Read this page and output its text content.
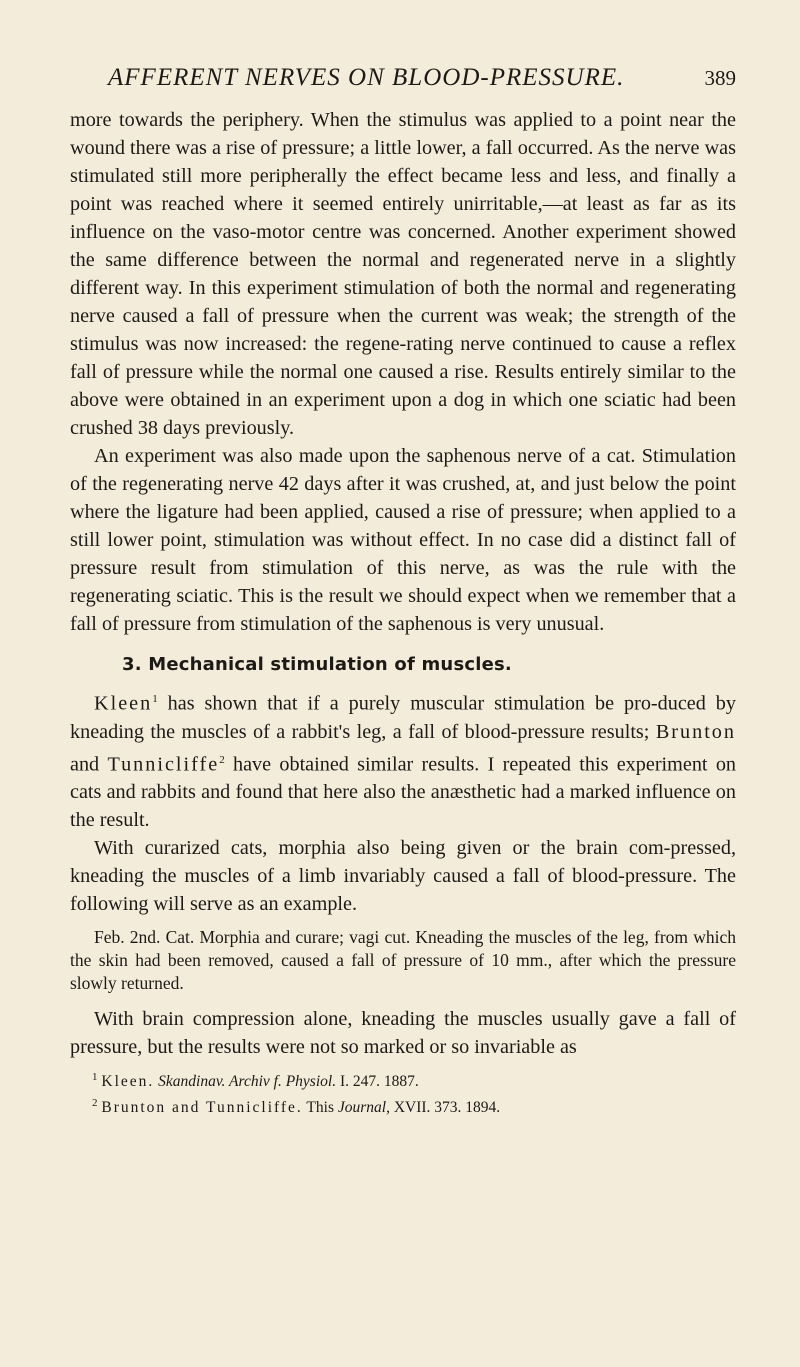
AFFERENT NERVES ON BLOOD-PRESSURE.	389

more towards the periphery. When the stimulus was applied to a point near the wound there was a rise of pressure; a little lower, a fall occurred. As the nerve was stimulated still more peripherally the effect became less and less, and finally a point was reached where it seemed entirely unirritable,—at least as far as its influence on the vaso-motor centre was concerned. Another experiment showed the same difference between the normal and regenerated nerve in a slightly different way. In this experiment stimulation of both the normal and regenerating nerve caused a fall of pressure when the current was weak; the strength of the stimulus was now increased: the regene-rating nerve continued to cause a reflex fall of pressure while the normal one caused a rise. Results entirely similar to the above were obtained in an experiment upon a dog in which one sciatic had been crushed 38 days previously.

An experiment was also made upon the saphenous nerve of a cat. Stimulation of the regenerating nerve 42 days after it was crushed, at, and just below the point where the ligature had been applied, caused a rise of pressure; when applied to a still lower point, stimulation was without effect. In no case did a distinct fall of pressure result from stimulation of this nerve, as was the rule with the regenerating sciatic. This is the result we should expect when we remember that a fall of pressure from stimulation of the saphenous is very unusual.

3. Mechanical stimulation of muscles.

Kleen$^1$ has shown that if a purely muscular stimulation be pro-duced by kneading the muscles of a rabbit's leg, a fall of blood-pressure results; Brunton and Tunnicliffe$^2$ have obtained similar results. I repeated this experiment on cats and rabbits and found that here also the anæsthetic had a marked influence on the result.

With curarized cats, morphia also being given or the brain com-pressed, kneading the muscles of a limb invariably caused a fall of blood-pressure. The following will serve as an example.

Feb. 2nd. Cat. Morphia and curare; vagi cut. Kneading the muscles of the leg, from which the skin had been removed, caused a fall of pressure of 10 mm., after which the pressure slowly returned.

With brain compression alone, kneading the muscles usually gave a fall of pressure, but the results were not so marked or so invariable as

$^1$ Kleen. Skandinav. Archiv f. Physiol. I. 247. 1887.

$^2$ Brunton and Tunnicliffe. This Journal, XVII. 373. 1894.
